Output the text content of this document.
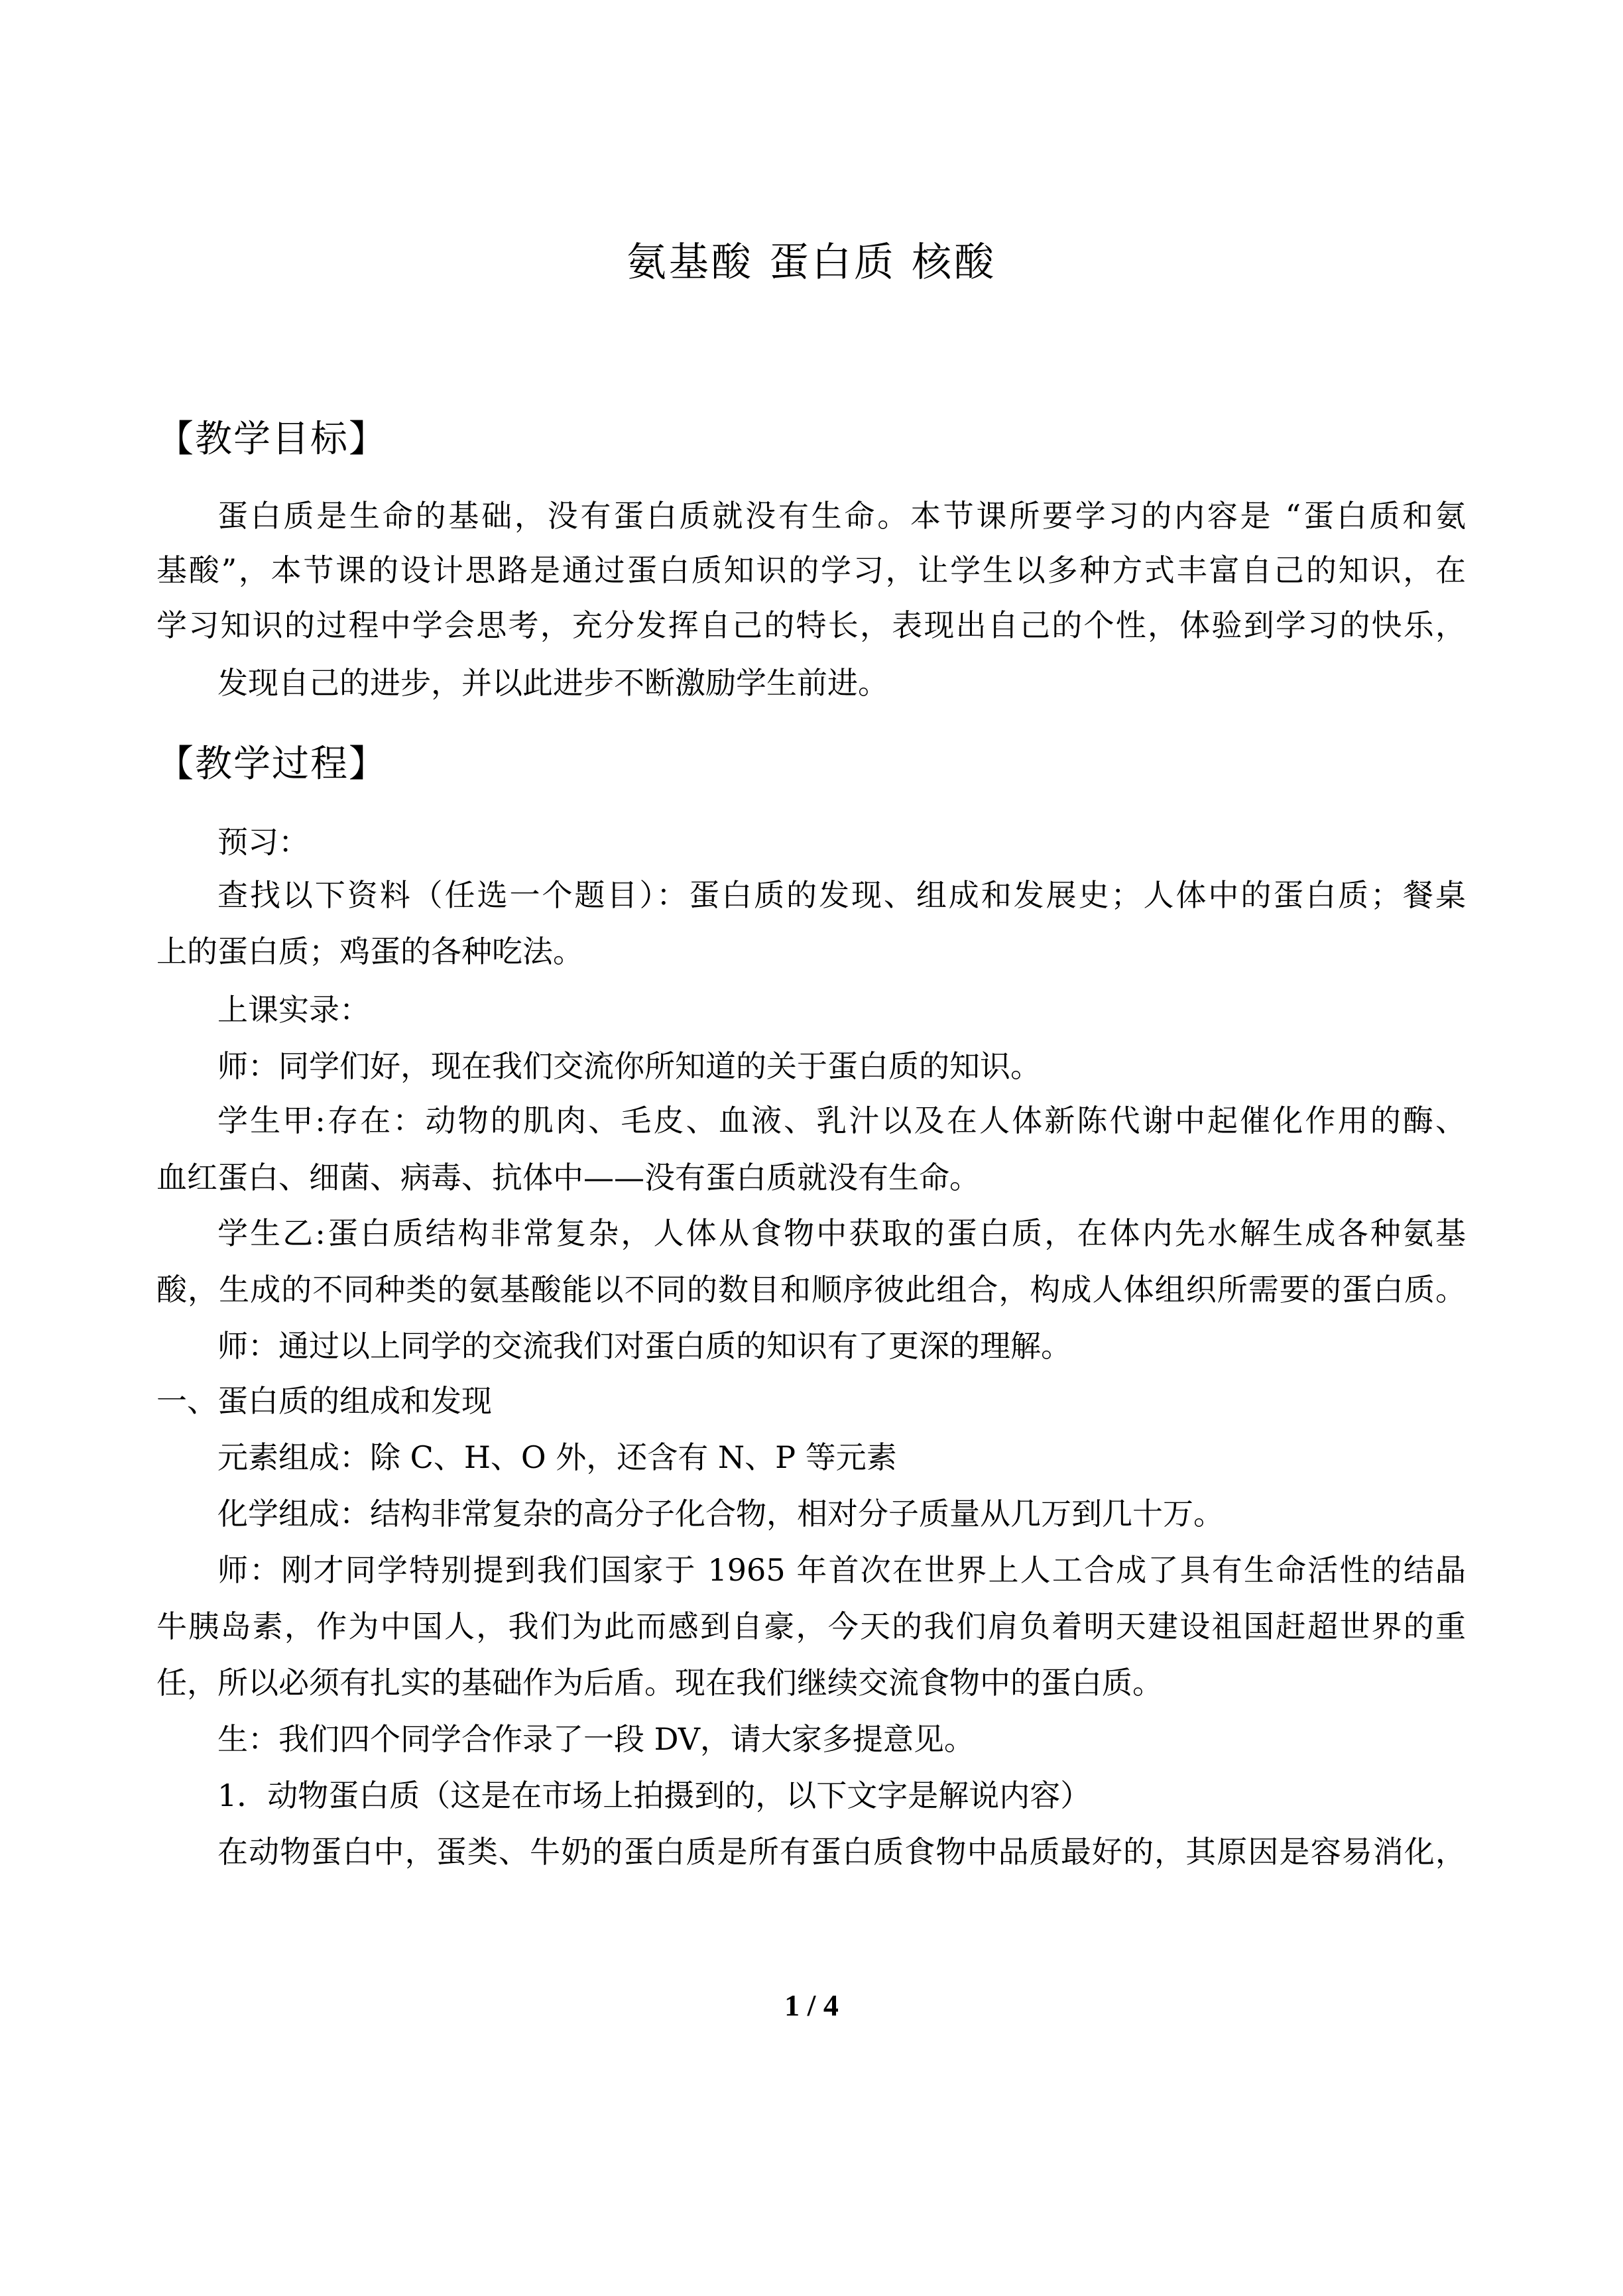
氨基酸 蛋白质 核酸
【教学目标】
蛋白质是生命的基础，没有蛋白质就没有生命。本节课所要学习的内容是 “蛋白质和氨
基酸”，本节课的设计思路是通过蛋白质知识的学习，让学生以多种方式丰富自己的知识，在
学习知识的过程中学会思考，充分发挥自己的特长，表现出自己的个性，体验到学习的快乐，
发现自己的进步，并以此进步不断激励学生前进。
【教学过程】
预习：
查找以下资料（任选一个题目）：蛋白质的发现、组成和发展史；人体中的蛋白质；餐桌
上的蛋白质；鸡蛋的各种吃法。
上课实录：
师：同学们好，现在我们交流你所知道的关于蛋白质的知识。
学生甲:存在：动物的肌肉、毛皮、血液、乳汁以及在人体新陈代谢中起催化作用的酶、
血红蛋白、细菌、病毒、抗体中——没有蛋白质就没有生命。
学生乙:蛋白质结构非常复杂，人体从食物中获取的蛋白质，在体内先水解生成各种氨基
酸，生成的不同种类的氨基酸能以不同的数目和顺序彼此组合，构成人体组织所需要的蛋白质。
师：通过以上同学的交流我们对蛋白质的知识有了更深的理解。
一、蛋白质的组成和发现
元素组成：除 C、H、O 外，还含有 N、P 等元素
化学组成：结构非常复杂的高分子化合物，相对分子质量从几万到几十万。
师：刚才同学特别提到我们国家于 1965 年首次在世界上人工合成了具有生命活性的结晶
牛胰岛素，作为中国人，我们为此而感到自豪，今天的我们肩负着明天建设祖国赶超世界的重
任，所以必须有扎实的基础作为后盾。现在我们继续交流食物中的蛋白质。
生：我们四个同学合作录了一段 DV，请大家多提意见。
1．动物蛋白质（这是在市场上拍摄到的，以下文字是解说内容）
在动物蛋白中，蛋类、牛奶的蛋白质是所有蛋白质食物中品质最好的，其原因是容易消化，
1 / 4
